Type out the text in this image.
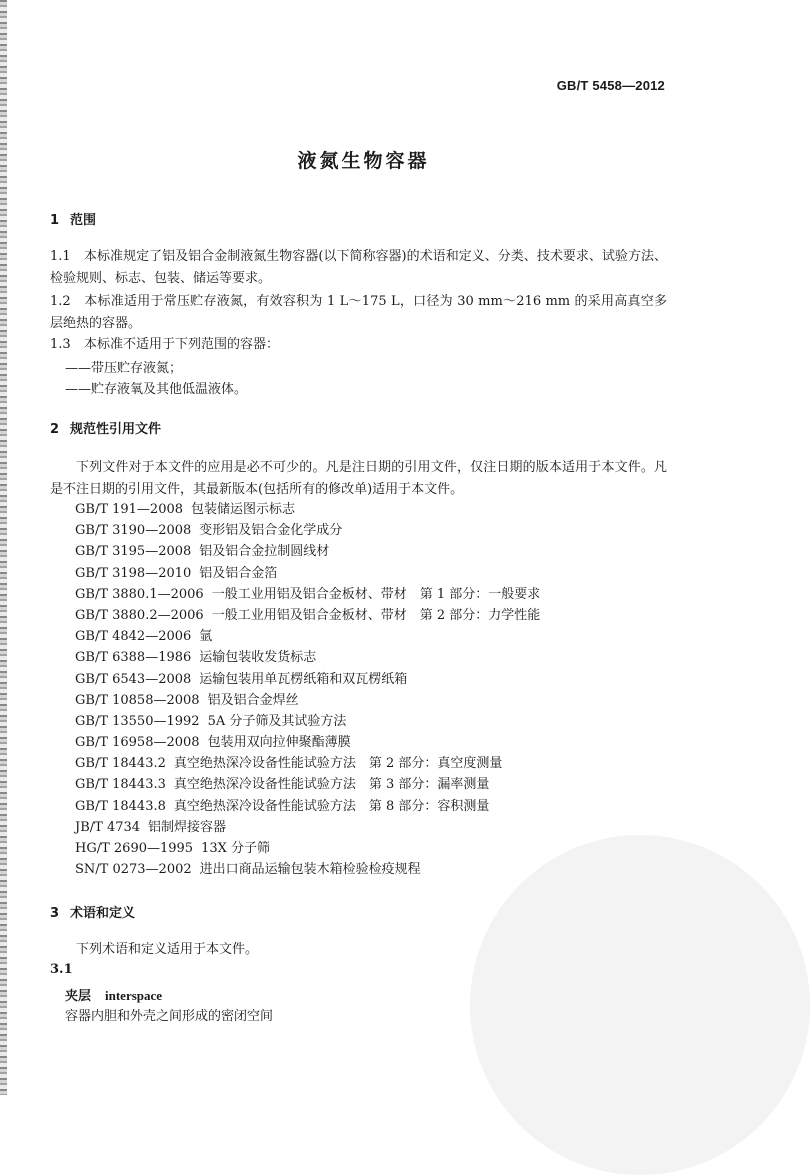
GB/T 5458—2012
液氮生物容器
1 范围
1.1 本标准规定了铝及铝合金制液氮生物容器(以下简称容器)的术语和定义、分类、技术要求、试验方法、检验规则、标志、包装、储运等要求。
1.2 本标准适用于常压贮存液氮，有效容积为 1 L～175 L，口径为 30 mm～216 mm 的采用高真空多层绝热的容器。
1.3 本标准不适用于下列范围的容器：
——带压贮存液氮；
——贮存液氧及其他低温液体。
2 规范性引用文件
下列文件对于本文件的应用是必不可少的。凡是注日期的引用文件，仅注日期的版本适用于本文件。凡是不注日期的引用文件，其最新版本(包括所有的修改单)适用于本文件。
GB/T 191—2008 包装储运图示标志
GB/T 3190—2008 变形铝及铝合金化学成分
GB/T 3195—2008 铝及铝合金拉制圆线材
GB/T 3198—2010 铝及铝合金箔
GB/T 3880.1—2006 一般工业用铝及铝合金板材、带材　第 1 部分：一般要求
GB/T 3880.2—2006 一般工业用铝及铝合金板材、带材　第 2 部分：力学性能
GB/T 4842—2006 氩
GB/T 6388—1986 运输包装收发货标志
GB/T 6543—2008 运输包装用单瓦楞纸箱和双瓦楞纸箱
GB/T 10858—2008 铝及铝合金焊丝
GB/T 13550—1992 5A 分子筛及其试验方法
GB/T 16958—2008 包装用双向拉伸聚酯薄膜
GB/T 18443.2 真空绝热深冷设备性能试验方法　第 2 部分：真空度测量
GB/T 18443.3 真空绝热深冷设备性能试验方法　第 3 部分：漏率测量
GB/T 18443.8 真空绝热深冷设备性能试验方法　第 8 部分：容积测量
JB/T 4734 铝制焊接容器
HG/T 2690—1995 13X 分子筛
SN/T 0273—2002 进出口商品运输包装木箱检验检疫规程
3 术语和定义
下列术语和定义适用于本文件。
3.1
夹层 interspace
容器内胆和外壳之间形成的密闭空间
